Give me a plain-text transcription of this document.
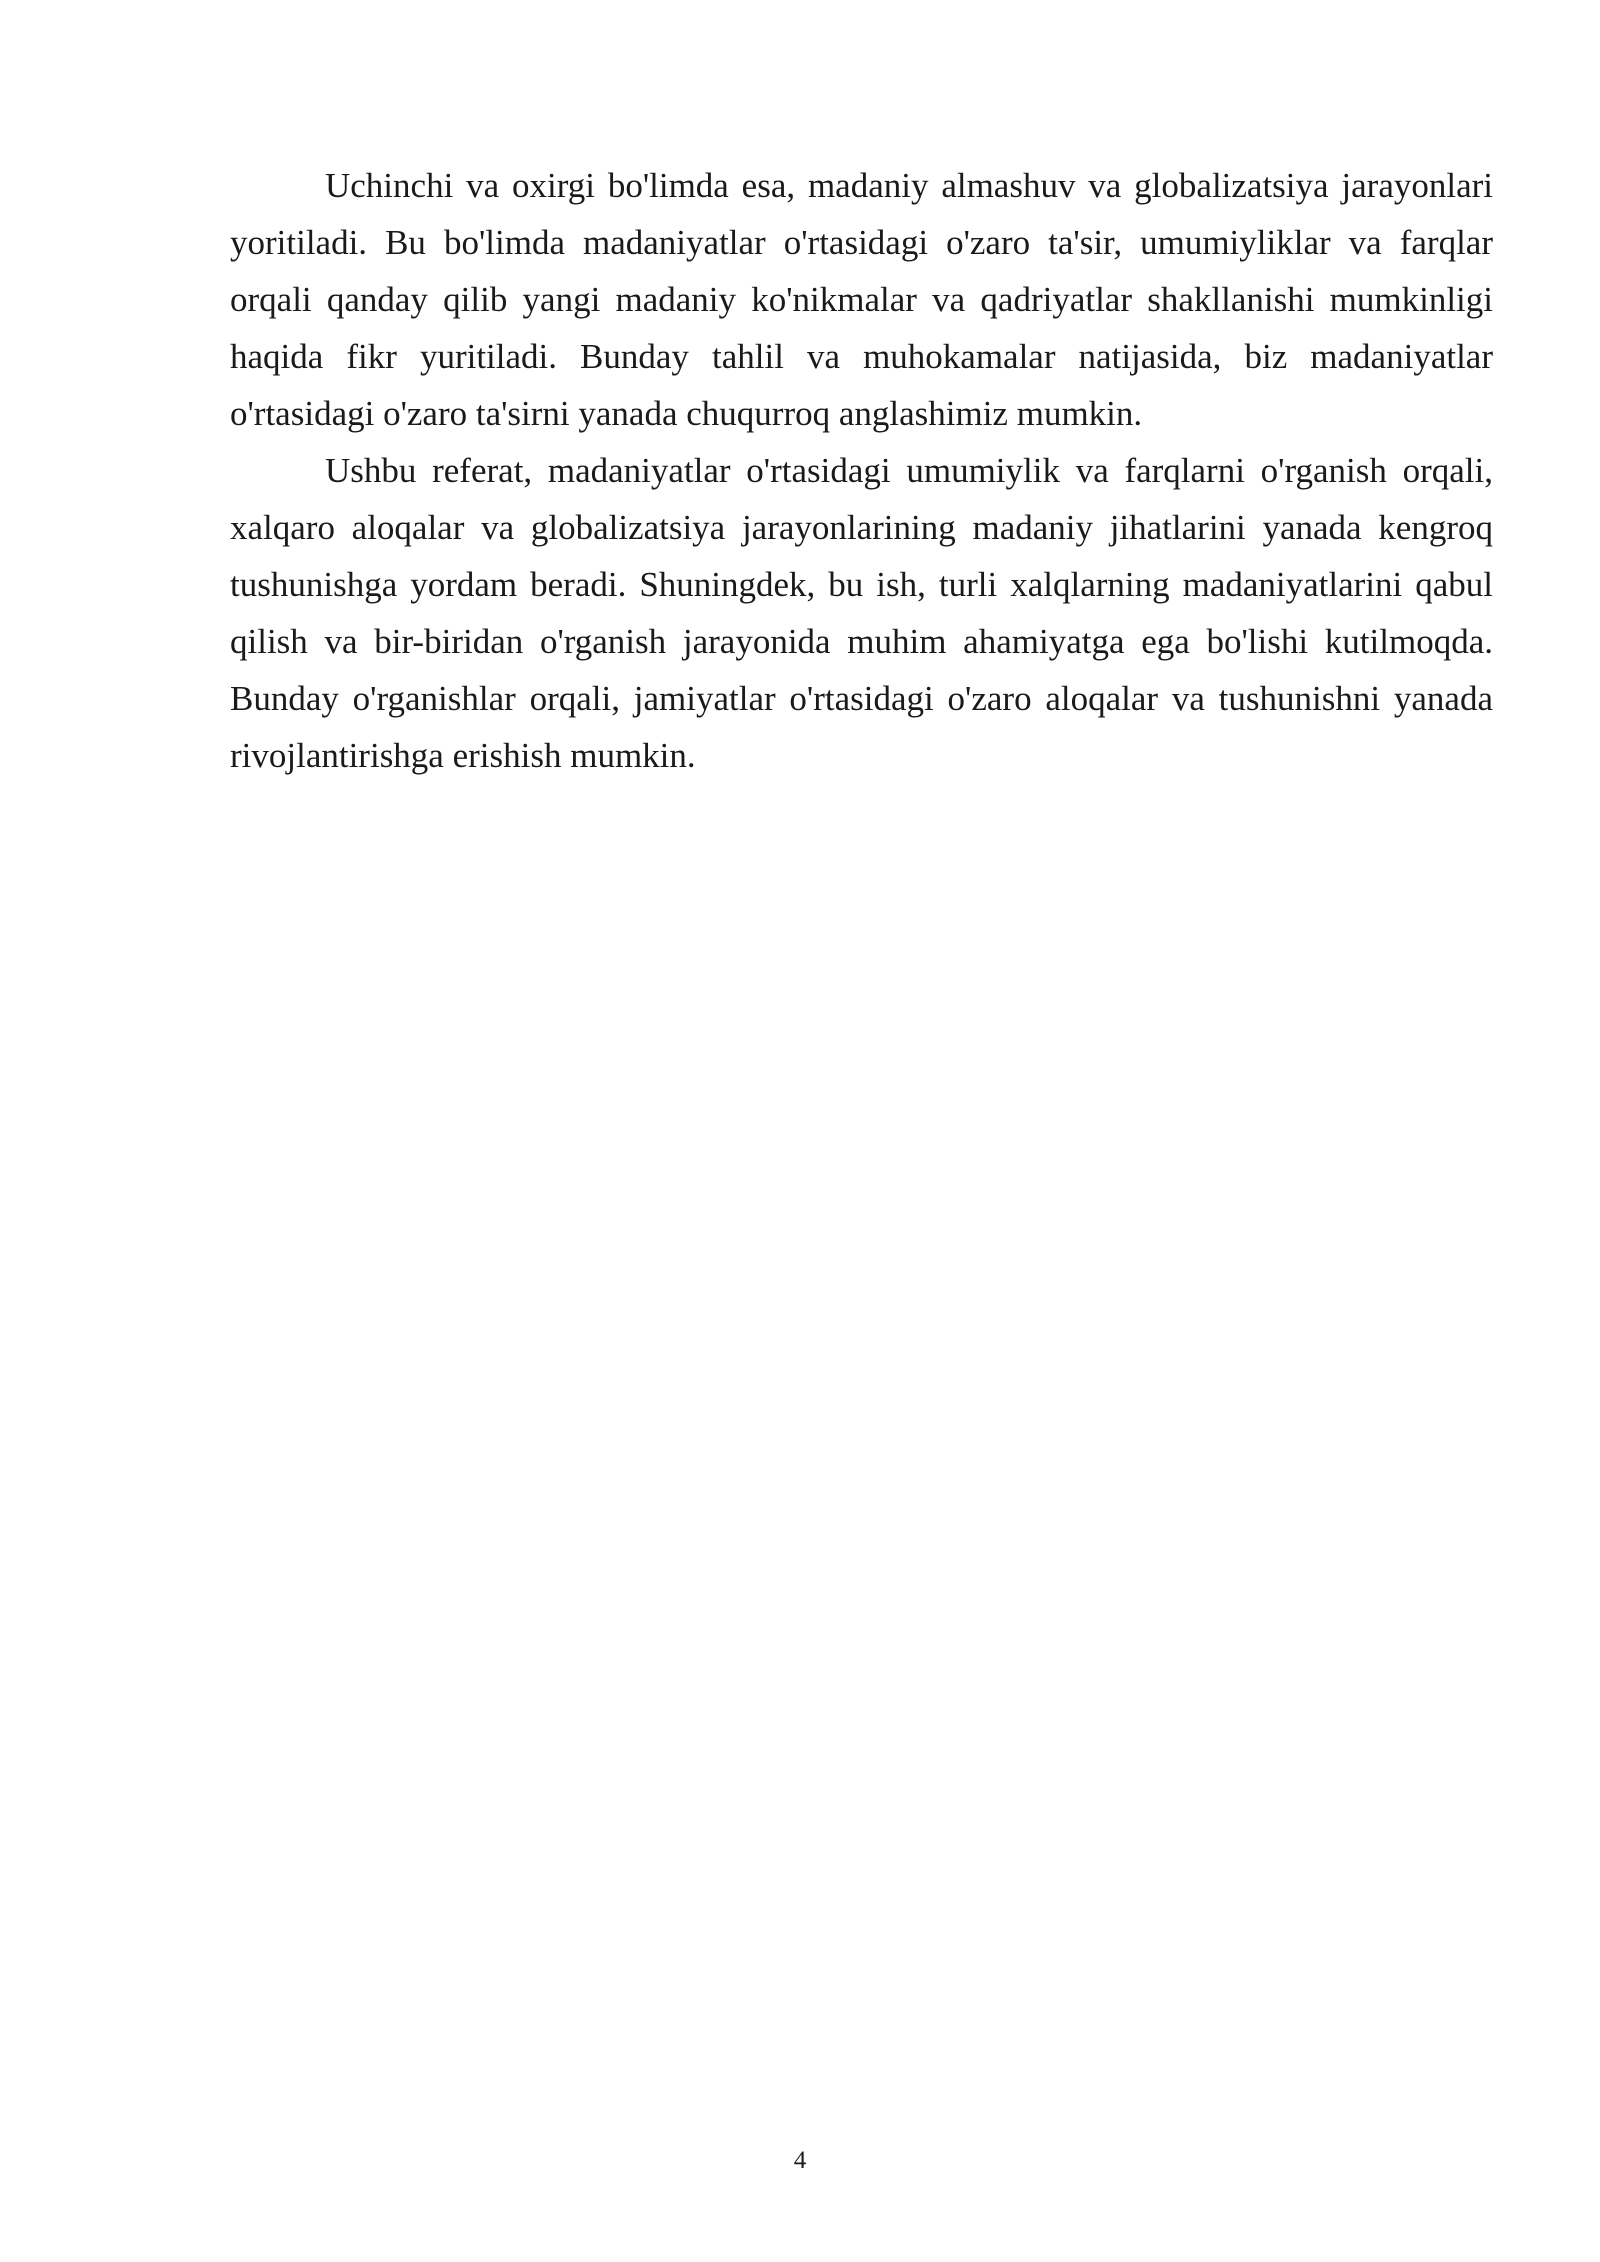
Uchinchi va oxirgi bo'limda esa, madaniy almashuv va globalizatsiya jarayonlari yoritiladi. Bu bo'limda madaniyatlar o'rtasidagi o'zaro ta'sir, umumiyliklar va farqlar orqali qanday qilib yangi madaniy ko'nikmalar va qadriyatlar shakllanishi mumkinligi haqida fikr yuritiladi. Bunday tahlil va muhokamalar natijasida, biz madaniyatlar o'rtasidagi o'zaro ta'sirni yanada chuqurroq anglashimiz mumkin.

Ushbu referat, madaniyatlar o'rtasidagi umumiylik va farqlarni o'rganish orqali, xalqaro aloqalar va globalizatsiya jarayonlarining madaniy jihatlarini yanada kengroq tushunishga yordam beradi. Shuningdek, bu ish, turli xalqlarning madaniyatlarini qabul qilish va bir-biridan o'rganish jarayonida muhim ahamiyatga ega bo'lishi kutilmoqda. Bunday o'rganishlar orqali, jamiyatlar o'rtasidagi o'zaro aloqalar va tushunishni yanada rivojlantirishga erishish mumkin.

4
